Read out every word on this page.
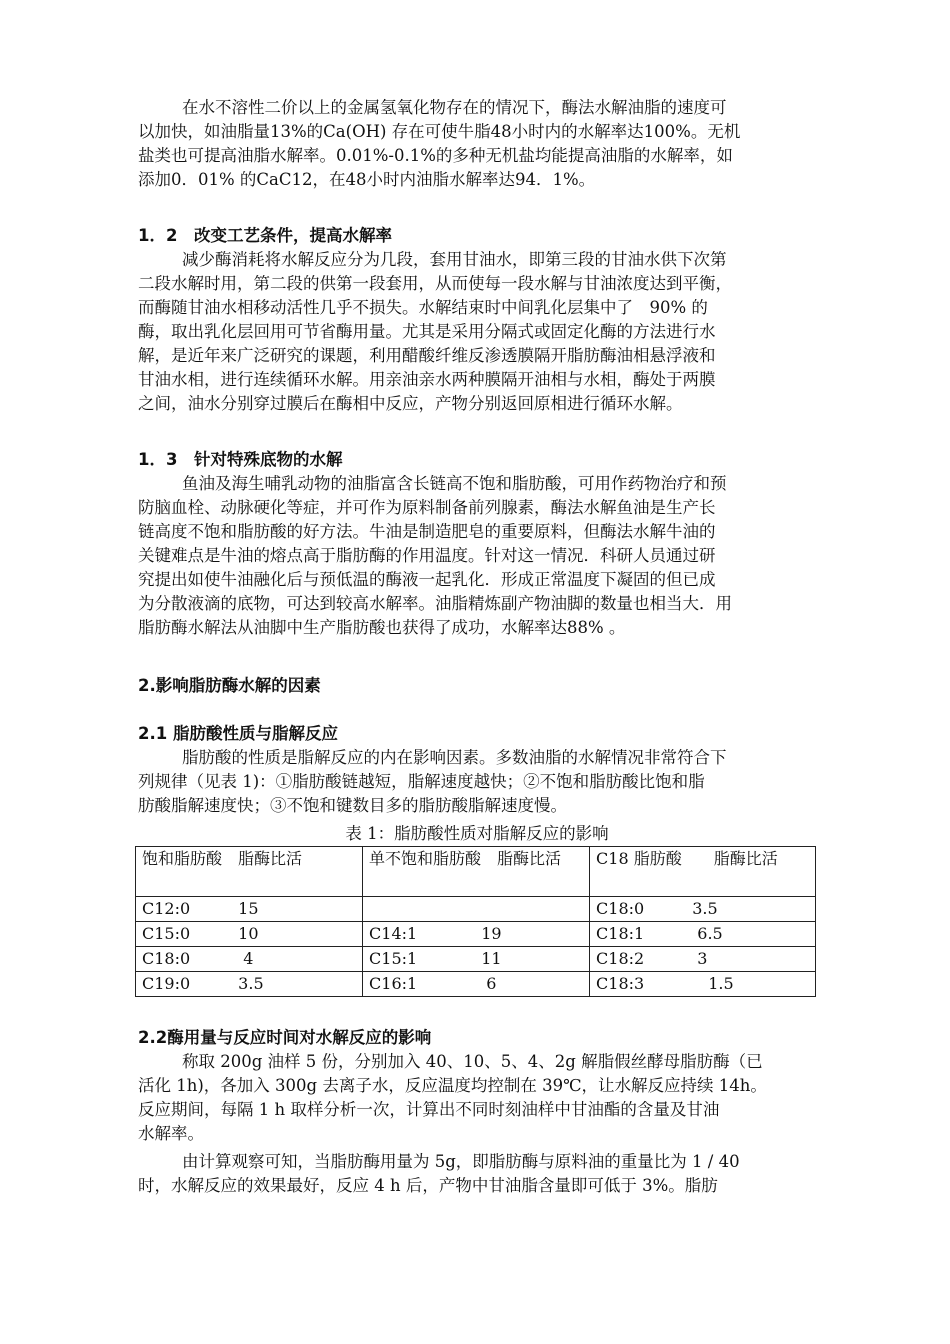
在水不溶性二价以上的金属氢氧化物存在的情况下，酶法水解油脂的速度可
以加快，如油脂量13%的Ca(OH) 存在可使牛脂48小时内的水解率达100%。无机
盐类也可提高油脂水解率。0.01%-0.1%的多种无机盐均能提高油脂的水解率，如
添加0．01% 的CaC12，在48小时内油脂水解率达94．1%。
1．2　改变工艺条件，提高水解率
减少酶消耗将水解反应分为几段，套用甘油水，即第三段的甘油水供下次第
二段水解时用，第二段的供第一段套用，从而使每一段水解与甘油浓度达到平衡，
而酶随甘油水相移动活性几乎不损失。水解结束时中间乳化层集中了　90% 的
酶，取出乳化层回用可节省酶用量。尤其是采用分隔式或固定化酶的方法进行水
解，是近年来广泛研究的课题，利用醋酸纤维反渗透膜隔开脂肪酶油相悬浮液和
甘油水相，进行连续循环水解。用亲油亲水两种膜隔开油相与水相，酶处于两膜
之间，油水分别穿过膜后在酶相中反应，产物分别返回原相进行循环水解。
1．3　针对特殊底物的水解
鱼油及海生哺乳动物的油脂富含长链高不饱和脂肪酸，可用作药物治疗和预
防脑血栓、动脉硬化等症，并可作为原料制备前列腺素，酶法水解鱼油是生产长
链高度不饱和脂肪酸的好方法。牛油是制造肥皂的重要原料，但酶法水解牛油的
关键难点是牛油的熔点高于脂肪酶的作用温度。针对这一情况．科研人员通过研
究提出如使牛油融化后与预低温的酶液一起乳化．形成正常温度下凝固的但已成
为分散液滴的底物，可达到较高水解率。油脂精炼副产物油脚的数量也相当大．用
脂肪酶水解法从油脚中生产脂肪酸也获得了成功，水解率达88% 。
2.影响脂肪酶水解的因素
2.1 脂肪酸性质与脂解反应
脂肪酸的性质是脂解反应的内在影响因素。多数油脂的水解情况非常符合下
列规律（见表 1)：①脂肪酸链越短，脂解速度越快；②不饱和脂肪酸比饱和脂
肪酸脂解速度快；③不饱和键数目多的脂肪酸脂解速度慢。
表 1：脂肪酸性质对脂解反应的影响
饱和脂肪酸　脂酶比活	单不饱和脂肪酸　脂酶比活	C18 脂肪酸　　脂酶比活
C12:0　　　15		C18:0　　　3.5
C15:0　　　10	C14:1　　　　19	C18:1　　　 6.5
C18:0　　　 4	C15:1　　　　11	C18:2　　　 3
C19:0　　　3.5	C16:1　　　　 6	C18:3　　　　1.5
2.2酶用量与反应时间对水解反应的影响
称取 200g 油样 5 份，分别加入 40、10、5、4、2g 解脂假丝酵母脂肪酶（已
活化 1h)，各加入 300g 去离子水，反应温度均控制在 39℃，让水解反应持续 14h。
反应期间，每隔 1 h 取样分析一次，计算出不同时刻油样中甘油酯的含量及甘油
水解率。
由计算观察可知，当脂肪酶用量为 5g，即脂肪酶与原料油的重量比为 1 / 40
时，水解反应的效果最好，反应 4 h 后，产物中甘油脂含量即可低于 3%。脂肪
